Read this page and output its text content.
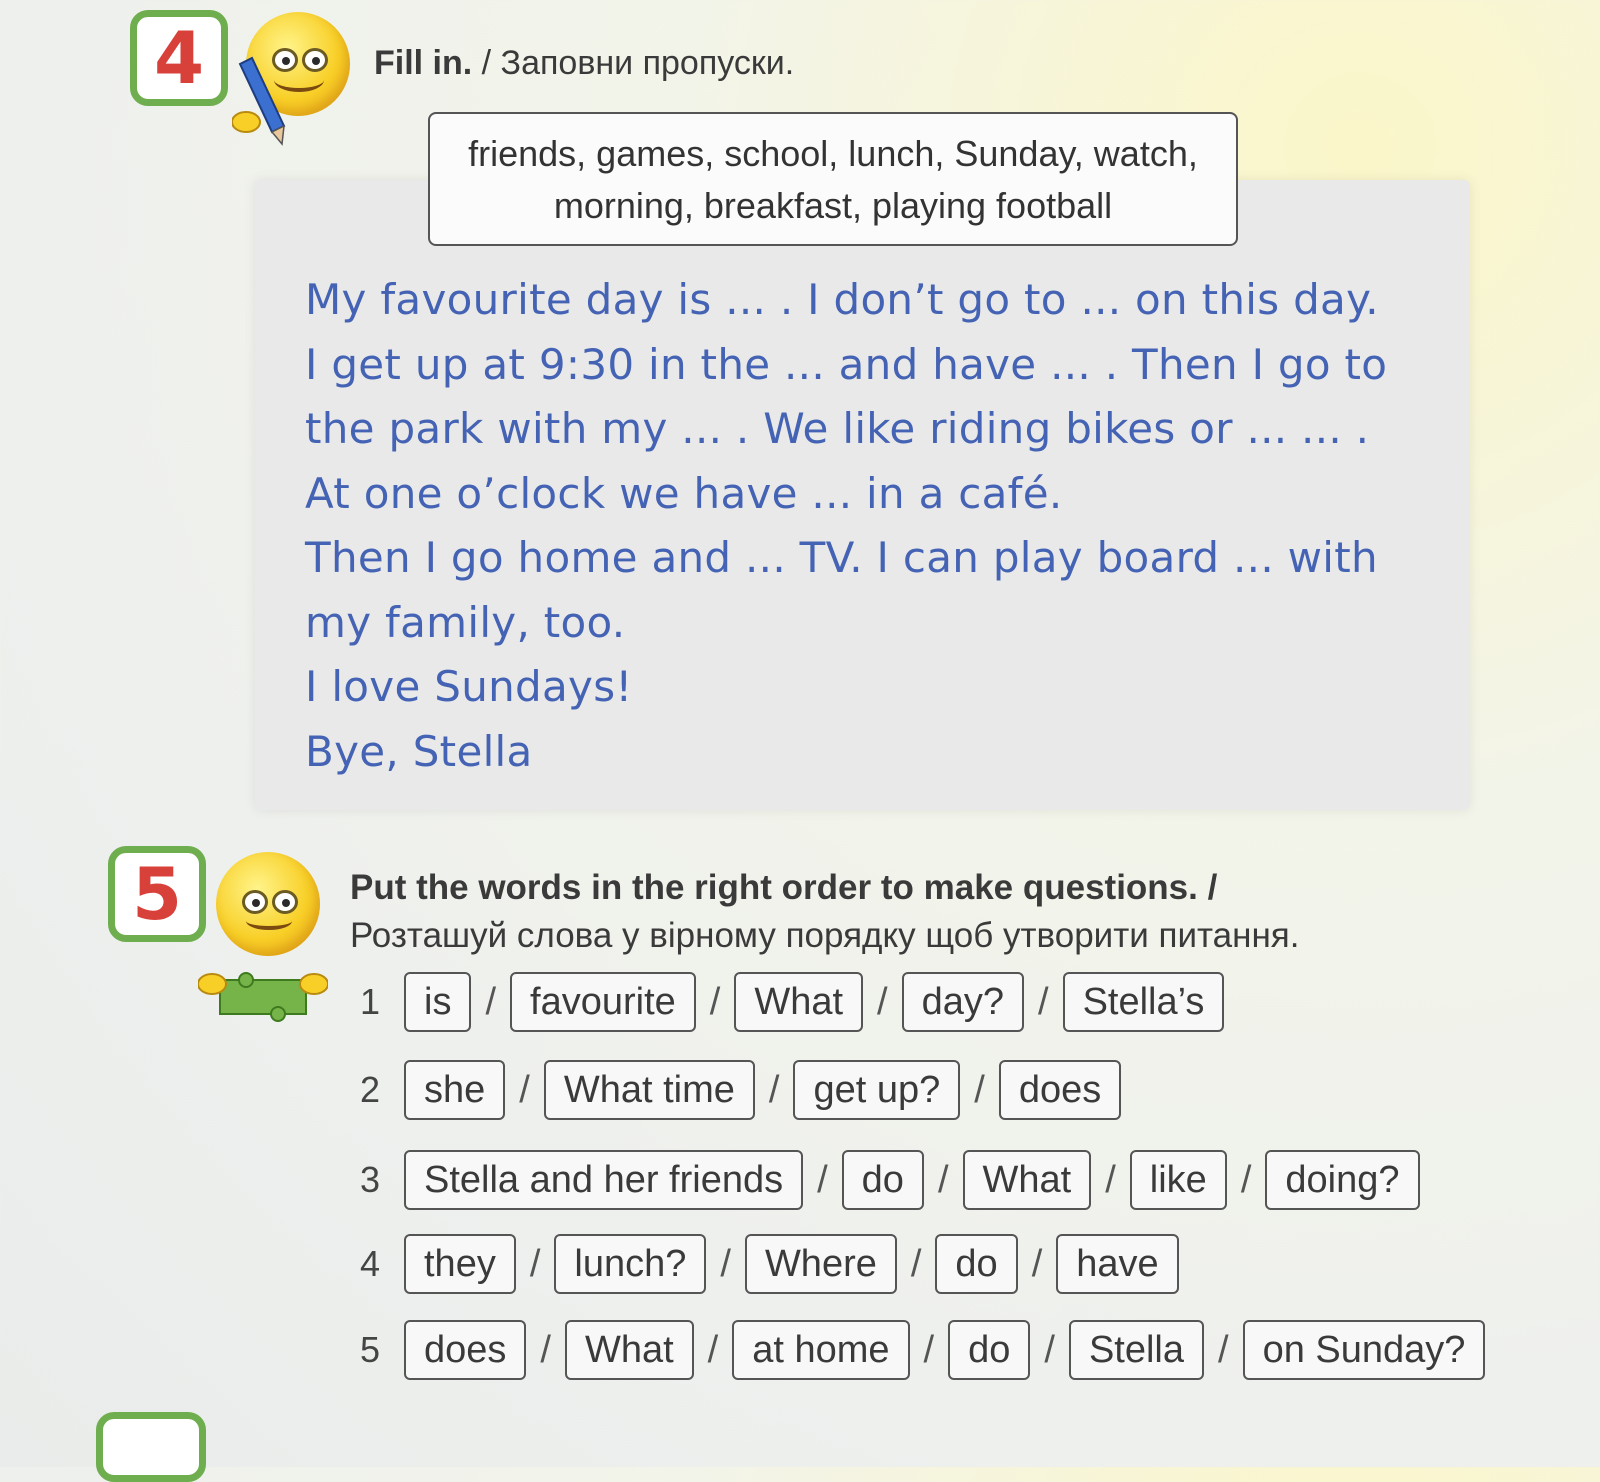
4	Fill in. / Заповни пропуски.
friends, games, school, lunch, Sunday, watch,
morning, breakfast, playing football
My favourite day is ... . I don’t go to ... on this day.
I get up at 9:30 in the ... and have ... . Then I go to
the park with my ... . We like riding bikes or ... ... .
At one o’clock we have ... in a café.
Then I go home and ... TV. I can play board ... with
my family, too.
I love Sundays!
Bye, Stella
5	Put the words in the right order to make questions. /
Розташуй слова у вірному порядку щоб утворити питання.
1	is / favourite / What / day? / Stella’s
2	she / What time / get up? / does
3	Stella and her friends / do / What / like / doing?
4	they / lunch? / Where / do / have
5	does / What / at home / do / Stella / on Sunday?
